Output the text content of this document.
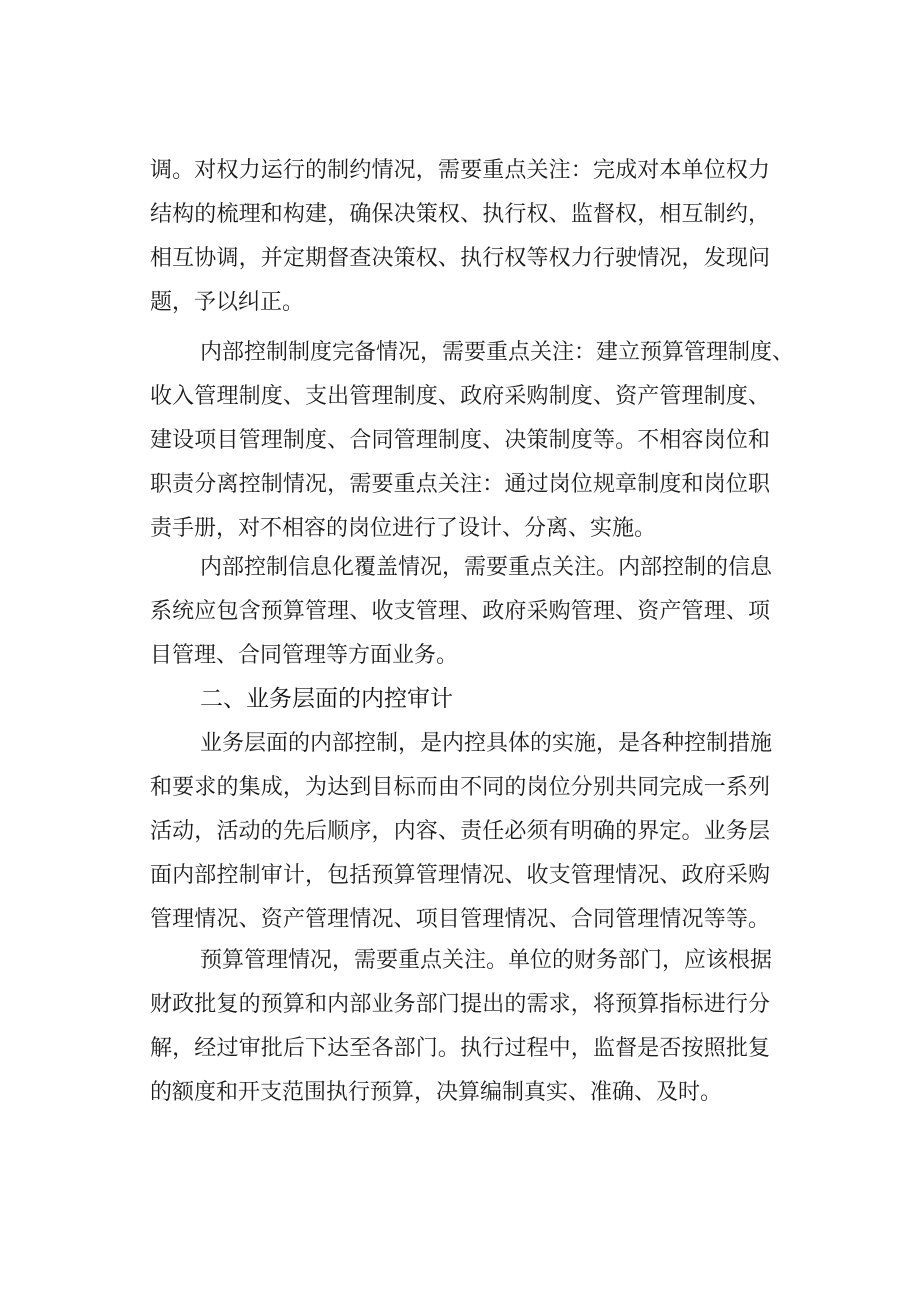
调。对权力运行的制约情况，需要重点关注：完成对本单位权力

结构的梳理和构建，确保决策权、执行权、监督权，相互制约，

相互协调，并定期督查决策权、执行权等权力行驶情况，发现问

题，予以纠正。

内部控制制度完备情况，需要重点关注：建立预算管理制度、

收入管理制度、支出管理制度、政府采购制度、资产管理制度、

建设项目管理制度、合同管理制度、决策制度等。不相容岗位和

职责分离控制情况，需要重点关注：通过岗位规章制度和岗位职

责手册，对不相容的岗位进行了设计、分离、实施。

内部控制信息化覆盖情况，需要重点关注。内部控制的信息

系统应包含预算管理、收支管理、政府采购管理、资产管理、项

目管理、合同管理等方面业务。

二、业务层面的内控审计

业务层面的内部控制，是内控具体的实施，是各种控制措施

和要求的集成，为达到目标而由不同的岗位分别共同完成一系列

活动，活动的先后顺序，内容、责任必须有明确的界定。业务层

面内部控制审计，包括预算管理情况、收支管理情况、政府采购

管理情况、资产管理情况、项目管理情况、合同管理情况等等。

预算管理情况，需要重点关注。单位的财务部门，应该根据

财政批复的预算和内部业务部门提出的需求，将预算指标进行分

解，经过审批后下达至各部门。执行过程中，监督是否按照批复

的额度和开支范围执行预算，决算编制真实、准确、及时。
